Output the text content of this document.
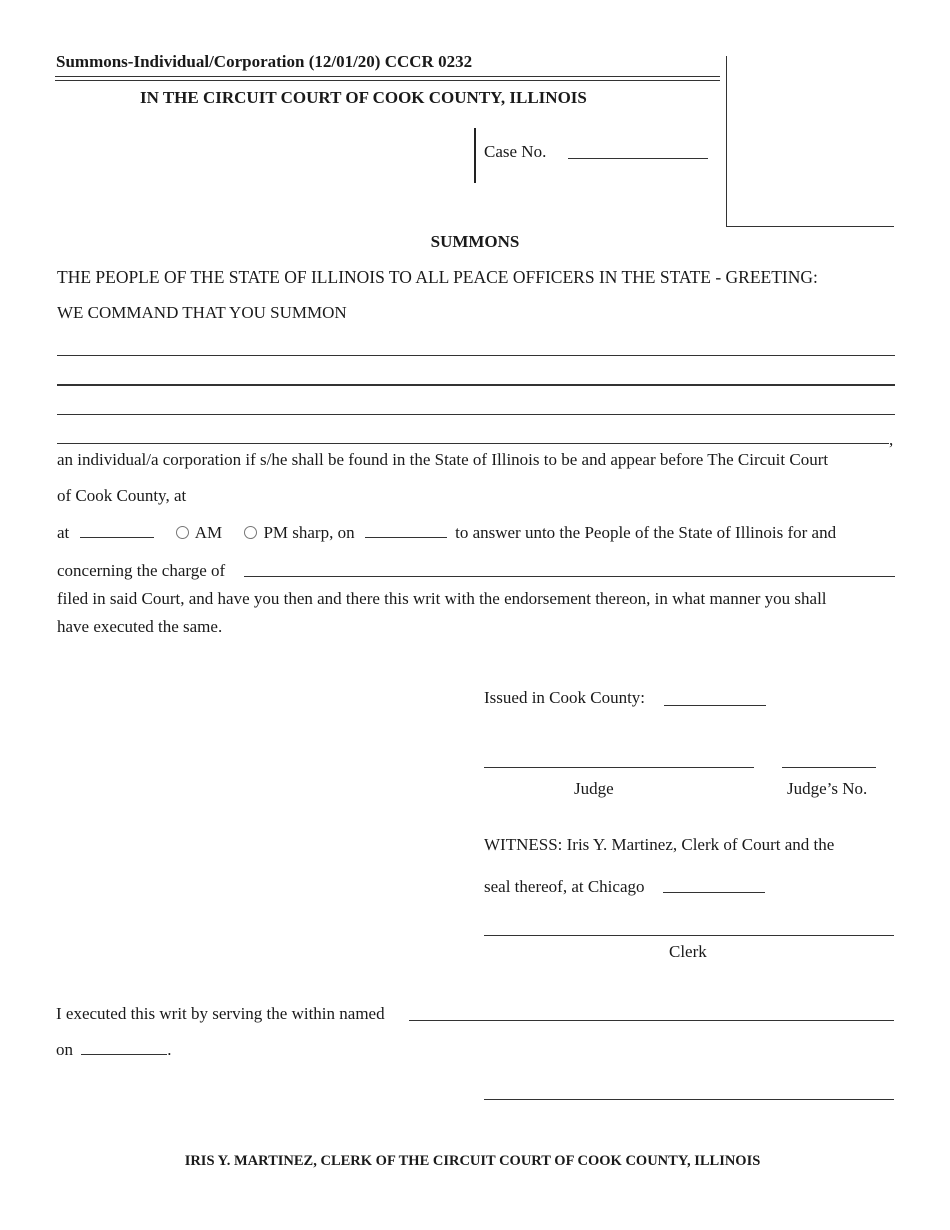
Summons-Individual/Corporation (12/01/20) CCCR 0232
IN THE CIRCUIT COURT OF COOK COUNTY, ILLINOIS
Case No.
SUMMONS
THE PEOPLE OF THE STATE OF ILLINOIS TO ALL PEACE OFFICERS IN THE STATE - GREETING:
WE COMMAND THAT YOU SUMMON
,
an individual/a corporation if s/he shall be found in the State of Illinois to be and appear before The Circuit Court
of Cook County, at
at	AM PM sharp, on	to answer unto the People of the State of Illinois for and
concerning the charge of
filed in said Court, and have you then and there this writ with the endorsement thereon, in what manner you shall
have executed the same.
Issued in Cook County:
Judge	Judge’s No.
WITNESS: Iris Y. Martinez, Clerk of Court and the
seal thereof, at Chicago
Clerk
I executed this writ by serving the within named
on	.
IRIS Y. MARTINEZ, CLERK OF THE CIRCUIT COURT OF COOK COUNTY, ILLINOIS
